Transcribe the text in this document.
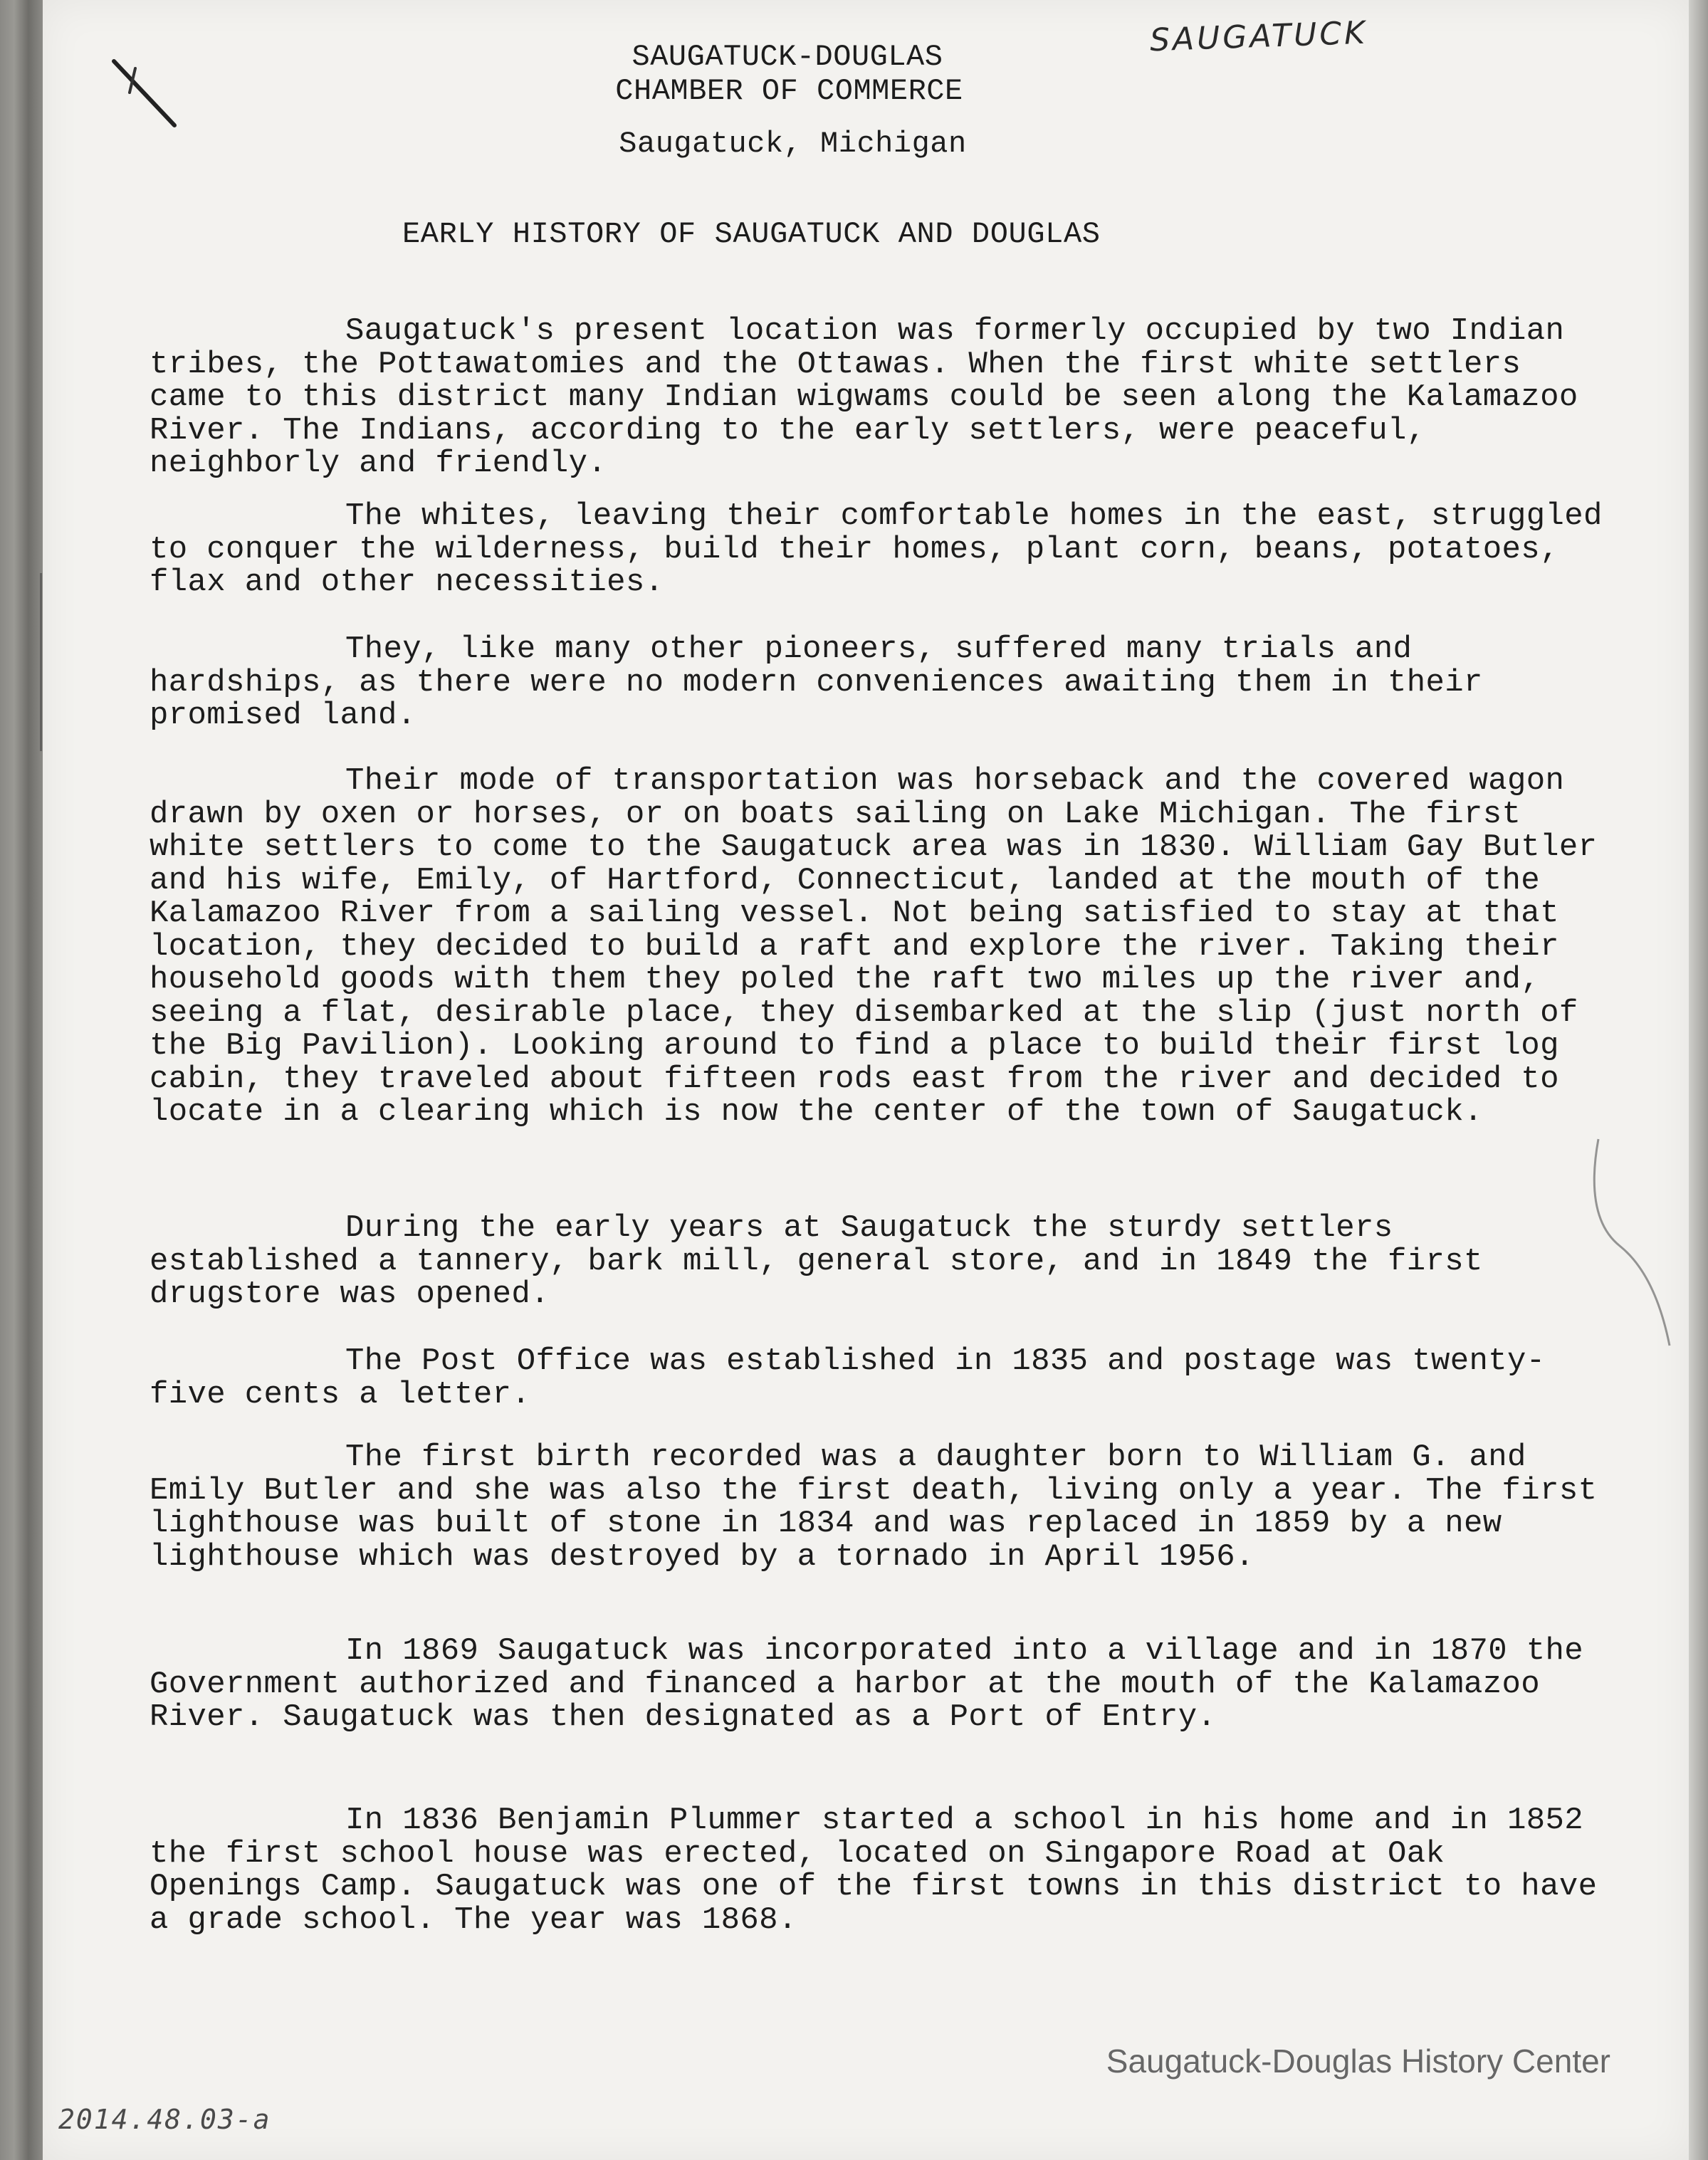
SAUGATUCK
SAUGATUCK-DOUGLAS
CHAMBER OF COMMERCE
Saugatuck, Michigan
EARLY HISTORY OF SAUGATUCK AND DOUGLAS

Saugatuck's present location was formerly occupied by two Indian tribes, the Pottawatomies and the Ottawas. When the first white settlers came to this district many Indian wigwams could be seen along the Kalamazoo River. The Indians, according to the early settlers, were peaceful, neighborly and friendly.

The whites, leaving their comfortable homes in the east, struggled to conquer the wilderness, build their homes, plant corn, beans, potatoes, flax and other necessities.

They, like many other pioneers, suffered many trials and hardships, as there were no modern conveniences awaiting them in their promised land.

Their mode of transportation was horseback and the covered wagon drawn by oxen or horses, or on boats sailing on Lake Michigan. The first white settlers to come to the Saugatuck area was in 1830. William Gay Butler and his wife, Emily, of Hartford, Connecticut, landed at the mouth of the Kalamazoo River from a sailing vessel. Not being satisfied to stay at that location, they decided to build a raft and explore the river. Taking their household goods with them they poled the raft two miles up the river and, seeing a flat, desirable place, they disembarked at the slip (just north of the Big Pavilion). Looking around to find a place to build their first log cabin, they traveled about fifteen rods east from the river and decided to locate in a clearing which is now the center of the town of Saugatuck.

During the early years at Saugatuck the sturdy settlers established a tannery, bark mill, general store, and in 1849 the first drugstore was opened.

The Post Office was established in 1835 and postage was twenty-five cents a letter.

The first birth recorded was a daughter born to William G. and Emily Butler and she was also the first death, living only a year. The first lighthouse was built of stone in 1834 and was replaced in 1859 by a new lighthouse which was destroyed by a tornado in April 1956.

In 1869 Saugatuck was incorporated into a village and in 1870 the Government authorized and financed a harbor at the mouth of the Kalamazoo River. Saugatuck was then designated as a Port of Entry.

In 1836 Benjamin Plummer started a school in his home and in 1852 the first school house was erected, located on Singapore Road at Oak Openings Camp. Saugatuck was one of the first towns in this district to have a grade school. The year was 1868.

2014.48.03-a
Saugatuck-Douglas History Center
